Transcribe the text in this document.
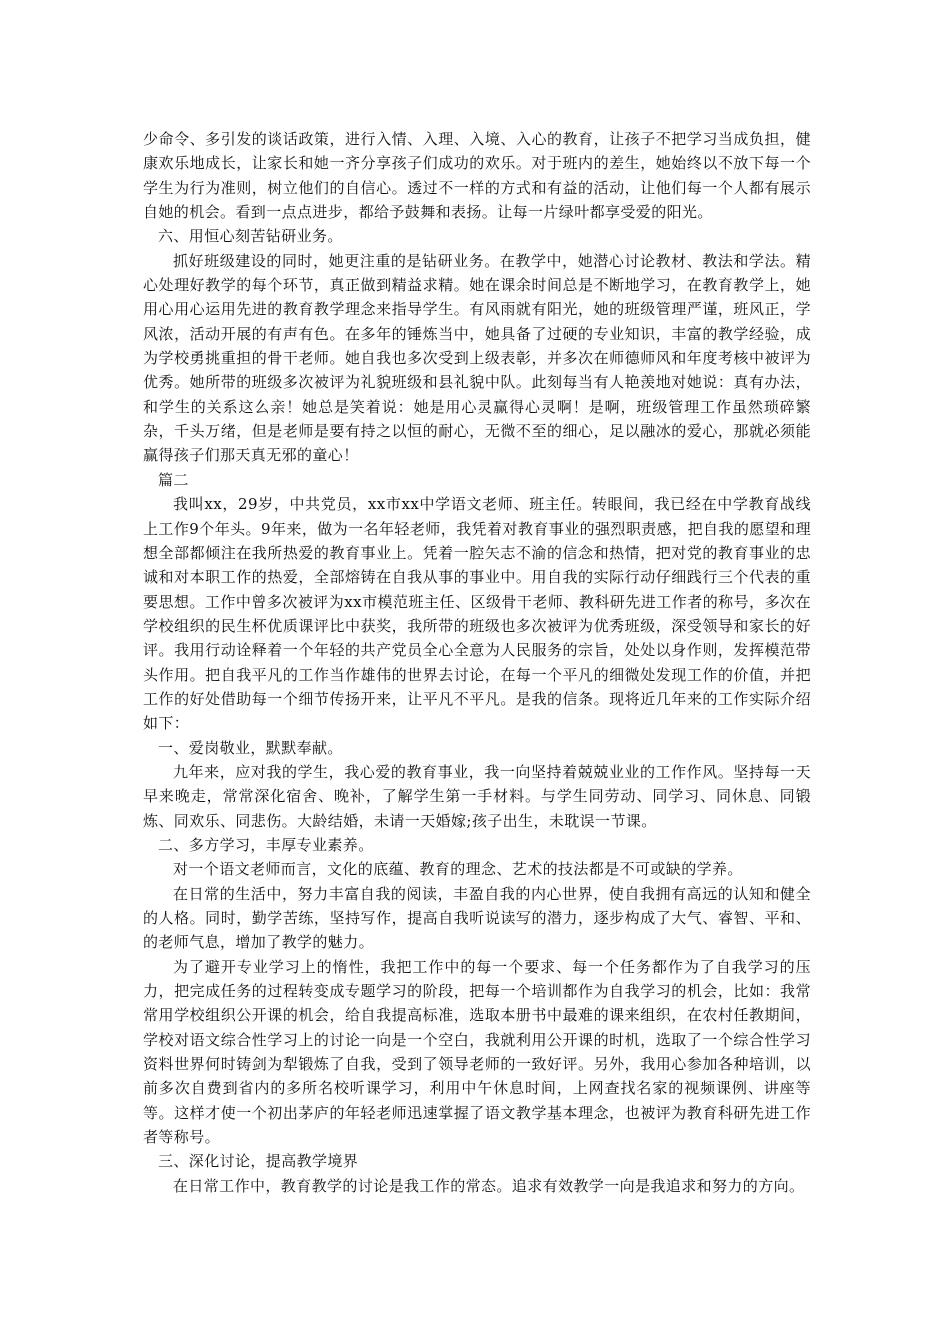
少命令、多引发的谈话政策，进行入情、入理、入境、入心的教育，让孩子不把学习当成负担，健康欢乐地成长，让家长和她一齐分享孩子们成功的欢乐。对于班内的差生，她始终以不放下每一个学生为行为准则，树立他们的自信心。透过不一样的方式和有益的活动，让他们每一个人都有展示自她的机会。看到一点点进步，都给予鼓舞和表扬。让每一片绿叶都享受爱的阳光。

六、用恒心刻苦钻研业务。

抓好班级建设的同时，她更注重的是钻研业务。在教学中，她潜心讨论教材、教法和学法。精心处理好教学的每个环节，真正做到精益求精。她在课余时间总是不断地学习，在教育教学上，她用心用心运用先进的教育教学理念来指导学生。有风雨就有阳光，她的班级管理严谨，班风正，学风浓，活动开展的有声有色。在多年的锤炼当中，她具备了过硬的专业知识，丰富的教学经验，成为学校勇挑重担的骨干老师。她自我也多次受到上级表彰，并多次在师德师风和年度考核中被评为优秀。她所带的班级多次被评为礼貌班级和县礼貌中队。此刻每当有人艳羡地对她说：真有办法，和学生的关系这么亲！她总是笑着说：她是用心灵赢得心灵啊！是啊，班级管理工作虽然琐碎繁杂，千头万绪，但是老师是要有持之以恒的耐心，无微不至的细心，足以融冰的爱心，那就必须能赢得孩子们那天真无邪的童心！

篇二

我叫xx，29岁，中共党员，xx市xx中学语文老师、班主任。转眼间，我已经在中学教育战线上工作9个年头。9年来，做为一名年轻老师，我凭着对教育事业的强烈职责感，把自我的愿望和理想全部都倾注在我所热爱的教育事业上。凭着一腔矢志不渝的信念和热情，把对党的教育事业的忠诚和对本职工作的热爱，全部熔铸在自我从事的事业中。用自我的实际行动仔细践行三个代表的重要思想。工作中曾多次被评为xx市模范班主任、区级骨干老师、教科研先进工作者的称号，多次在学校组织的民生杯优质课评比中获奖，我所带的班级也多次被评为优秀班级，深受领导和家长的好评。我用行动诠释着一个年轻的共产党员全心全意为人民服务的宗旨，处处以身作则，发挥模范带头作用。把自我平凡的工作当作雄伟的世界去讨论，在每一个平凡的细微处发现工作的价值，并把工作的好处借助每一个细节传扬开来，让平凡不平凡。是我的信条。现将近几年来的工作实际介绍如下：

一、爱岗敬业，默默奉献。

九年来，应对我的学生，我心爱的教育事业，我一向坚持着兢兢业业的工作作风。坚持每一天早来晚走，常常深化宿舍、晚补，了解学生第一手材料。与学生同劳动、同学习、同休息、同锻炼、同欢乐、同悲伤。大龄结婚，未请一天婚嫁;孩子出生，未耽误一节课。

二、多方学习，丰厚专业素养。

对一个语文老师而言，文化的底蕴、教育的理念、艺术的技法都是不可或缺的学养。

在日常的生活中，努力丰富自我的阅读，丰盈自我的内心世界，使自我拥有高远的认知和健全的人格。同时，勤学苦练，坚持写作，提高自我听说读写的潜力，逐步构成了大气、睿智、平和、的老师气息，增加了教学的魅力。

为了避开专业学习上的惰性，我把工作中的每一个要求、每一个任务都作为了自我学习的压力，把完成任务的过程转变成专题学习的阶段，把每一个培训都作为自我学习的机会，比如：我常常用学校组织公开课的机会，给自我提高标准，选取本册书中最难的课来组织，在农村任教期间，学校对语文综合性学习上的讨论一向是一个空白，我就利用公开课的时机，选取了一个综合性学习资料世界何时铸剑为犁锻炼了自我，受到了领导老师的一致好评。另外，我用心参加各种培训，以前多次自费到省内的多所名校听课学习，利用中午休息时间，上网查找名家的视频课例、讲座等等。这样才使一个初出茅庐的年轻老师迅速掌握了语文教学基本理念，也被评为教育科研先进工作者等称号。

三、深化讨论，提高教学境界

在日常工作中，教育教学的讨论是我工作的常态。追求有效教学一向是我追求和努力的方向。
